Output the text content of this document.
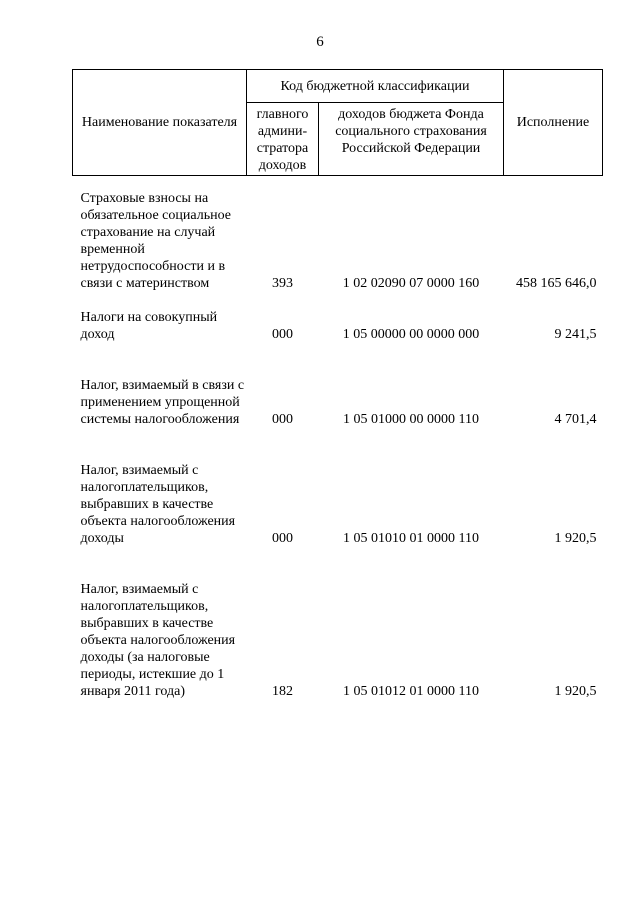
6
Наименование показателя	Код бюджетной классификации		Исполнение
	главного админи-стратора доходов	доходов бюджета Фонда социального страхования Российской Федерации	
Страховые взносы на обязательное социальное страхование на случай временной нетрудоспособности и в связи с материнством	393	1 02 02090 07 0000 160	458 165 646,0

Налоги на совокупный доход	000	1 05 00000 00 0000 000	9 241,5

Налог, взимаемый в связи с применением упрощенной системы налогообложения	000	1 05 01000 00 0000 110	4 701,4

Налог, взимаемый с налогоплательщиков, выбравших в качестве объекта налогообложения доходы	000	1 05 01010 01 0000 110	1 920,5

Налог, взимаемый с налогоплательщиков, выбравших в качестве объекта налогообложения доходы (за налоговые периоды, истекшие до 1 января 2011 года)	182	1 05 01012 01 0000 110	1 920,5
